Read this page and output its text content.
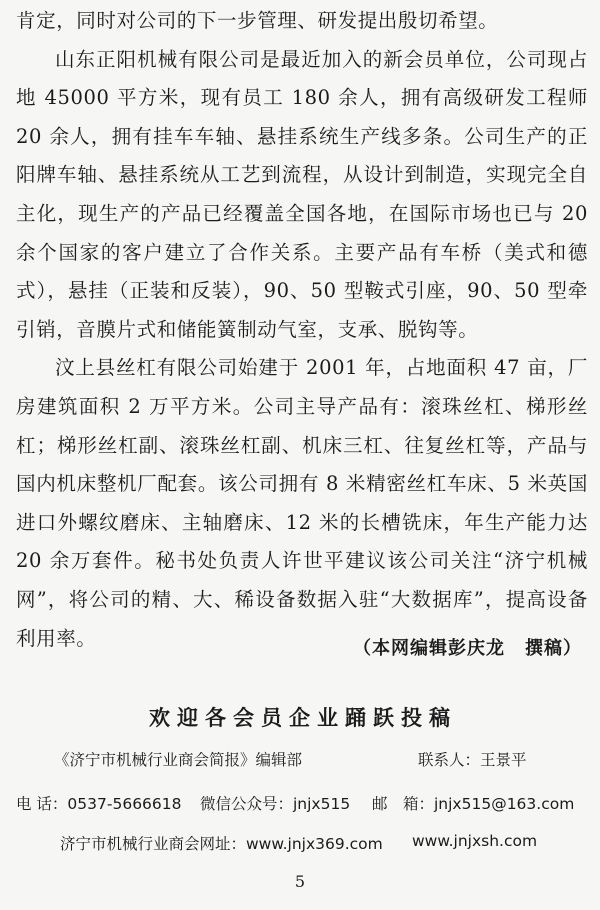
肯定，同时对公司的下一步管理、研发提出殷切希望。

山东正阳机械有限公司是最近加入的新会员单位，公司现占地 45000 平方米，现有员工 180 余人，拥有高级研发工程师 20 余人，拥有挂车车轴、悬挂系统生产线多条。公司生产的正阳牌车轴、悬挂系统从工艺到流程，从设计到制造，实现完全自主化，现生产的产品已经覆盖全国各地，在国际市场也已与 20 余个国家的客户建立了合作关系。主要产品有车桥（美式和德式），悬挂（正装和反装），90、50 型鞍式引座，90、50 型牵引销，音膜片式和储能簧制动气室，支承、脱钩等。

汶上县丝杠有限公司始建于 2001 年，占地面积 47 亩，厂房建筑面积 2 万平方米。公司主导产品有：滚珠丝杠、梯形丝杠；梯形丝杠副、滚珠丝杠副、机床三杠、往复丝杠等，产品与国内机床整机厂配套。该公司拥有 8 米精密丝杠车床、5 米英国进口外螺纹磨床、主轴磨床、12 米的长槽铣床，年生产能力达 20 余万套件。秘书处负责人许世平建议该公司关注“济宁机械网”，将公司的精、大、稀设备数据入驻“大数据库”，提高设备利用率。	（本网编辑彭庆龙 撰稿）
欢迎各会员企业踊跃投稿
《济宁市机械行业商会简报》编辑部	联系人：王景平
电 话：0537-5666618 微信公众号：jnjx515 邮　箱：jnjx515@163.com
济宁市机械行业商会网址：www.jnjx369.com www.jnjxsh.com
5
